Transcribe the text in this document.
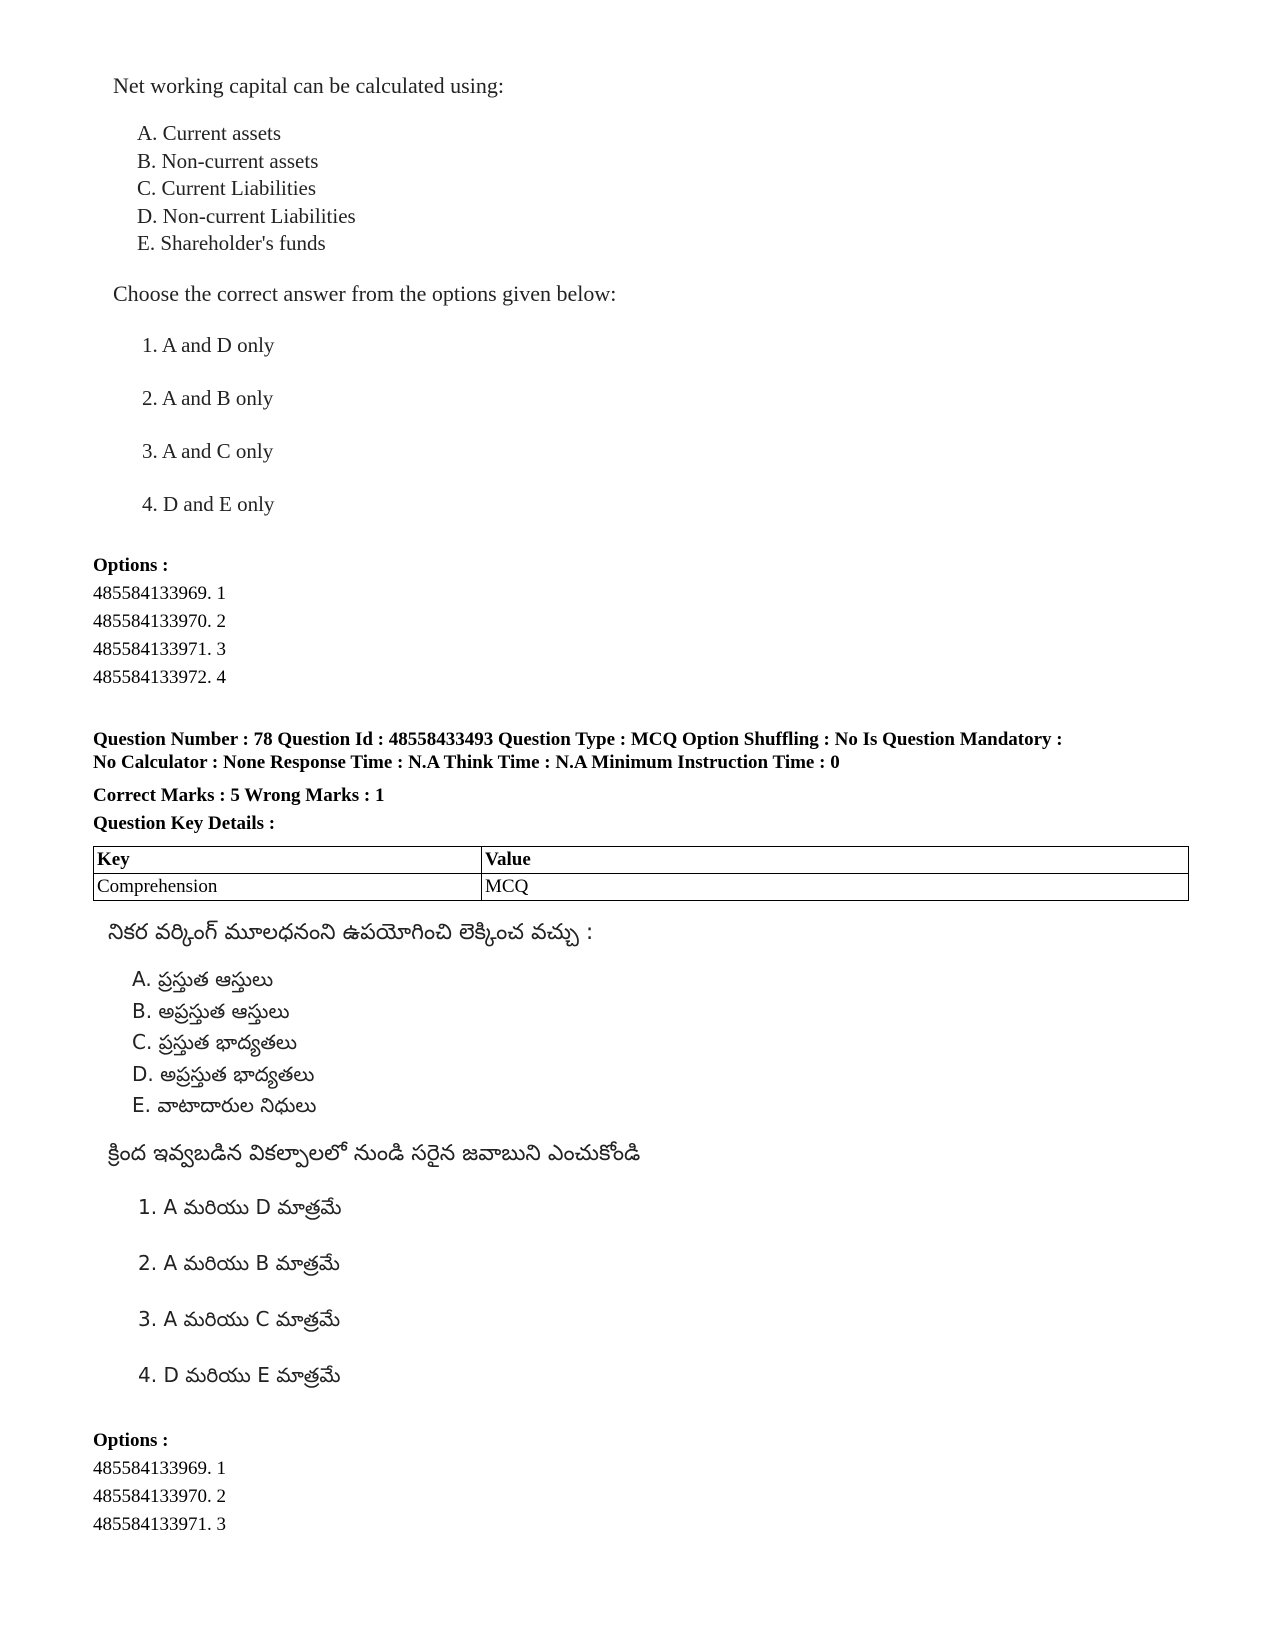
Net working capital can be calculated using:

A. Current assets
B. Non-current assets
C. Current Liabilities
D. Non-current Liabilities
E. Shareholder's funds

Choose the correct answer from the options given below:

1. A and D only
2. A and B only
3. A and C only
4. D and E only
Options :
485584133969. 1
485584133970. 2
485584133971. 3
485584133972. 4
Question Number : 78 Question Id : 48558433493 Question Type : MCQ Option Shuffling : No Is Question Mandatory :
No Calculator : None Response Time : N.A Think Time : N.A Minimum Instruction Time : 0
Correct Marks : 5 Wrong Marks : 1
Question Key Details :
Key	Value
Comprehension	MCQ

నికర వర్కింగ్ మూలధనంని ఉపయోగించి లెక్కించ వచ్చు :

A. ప్రస్తుత ఆస్తులు
B. అప్రస్తుత ఆస్తులు
C. ప్రస్తుత భాద్యతలు
D. అప్రస్తుత భాద్యతలు
E. వాటాదారుల నిధులు

క్రింద ఇవ్వబడిన వికల్పాలలో నుండి సరైన జవాబుని ఎంచుకోండి

1. A మరియు D మాత్రమే
2. A మరియు B మాత్రమే
3. A మరియు C మాత్రమే
4. D మరియు E మాత్రమే
Options :
485584133969. 1
485584133970. 2
485584133971. 3
